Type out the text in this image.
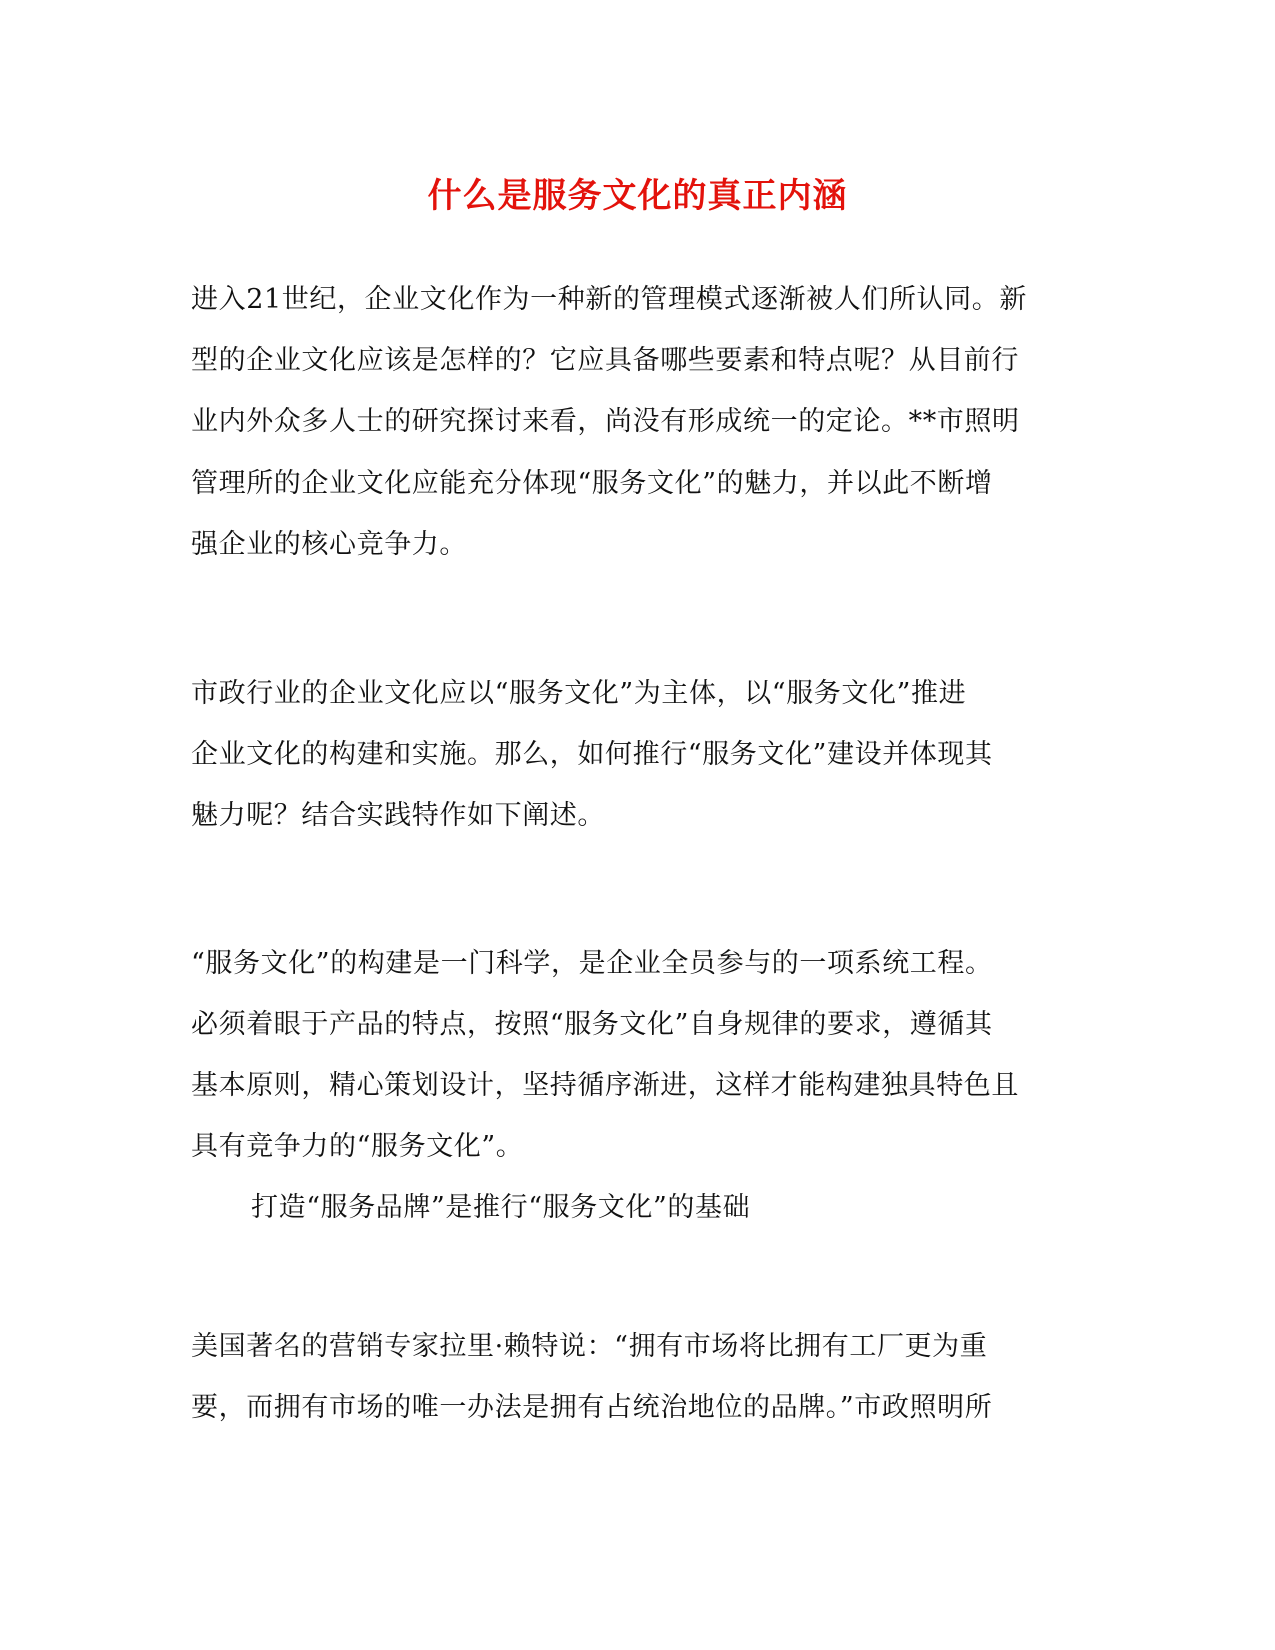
什么是服务文化的真正内涵
进入21世纪，企业文化作为一种新的管理模式逐渐被人们所认同。新
型的企业文化应该是怎样的？它应具备哪些要素和特点呢？从目前行
业内外众多人士的研究探讨来看，尚没有形成统一的定论。**市照明
管理所的企业文化应能充分体现“服务文化”的魅力，并以此不断增
强企业的核心竞争力。
市政行业的企业文化应以“服务文化”为主体，以“服务文化”推进
企业文化的构建和实施。那么，如何推行“服务文化”建设并体现其
魅力呢？结合实践特作如下阐述。
“服务文化”的构建是一门科学，是企业全员参与的一项系统工程。
必须着眼于产品的特点，按照“服务文化”自身规律的要求，遵循其
基本原则，精心策划设计，坚持循序渐进，这样才能构建独具特色且
具有竞争力的“服务文化”。
打造“服务品牌”是推行“服务文化”的基础
美国著名的营销专家拉里·赖特说：“拥有市场将比拥有工厂更为重
要，而拥有市场的唯一办法是拥有占统治地位的品牌。”市政照明所
